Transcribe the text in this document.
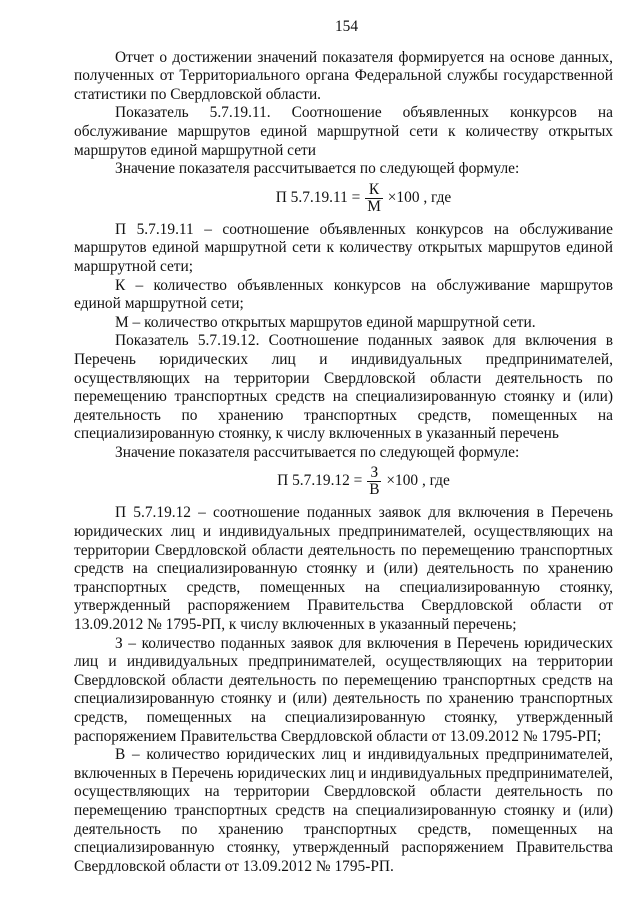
154

Отчет о достижении значений показателя формируется на основе данных, полученных от Территориального органа Федеральной службы государственной статистики по Свердловской области.

Показатель 5.7.19.11. Соотношение объявленных конкурсов на обслуживание маршрутов единой маршрутной сети к количеству открытых маршрутов единой маршрутной сети

Значение показателя рассчитывается по следующей формуле:

П $5.7.19.11 = \frac{К}{М} \times 100$ , где

П 5.7.19.11 – соотношение объявленных конкурсов на обслуживание маршрутов единой маршрутной сети к количеству открытых маршрутов единой маршрутной сети;

К – количество объявленных конкурсов на обслуживание маршрутов единой маршрутной сети;

М – количество открытых маршрутов единой маршрутной сети.

Показатель 5.7.19.12. Соотношение поданных заявок для включения в Перечень юридических лиц и индивидуальных предпринимателей, осуществляющих на территории Свердловской области деятельность по перемещению транспортных средств на специализированную стоянку и (или) деятельность по хранению транспортных средств, помещенных на специализированную стоянку, к числу включенных в указанный перечень

Значение показателя рассчитывается по следующей формуле:

П $5.7.19.12 = \frac{З}{В} \times 100$ , где

П 5.7.19.12 – соотношение поданных заявок для включения в Перечень юридических лиц и индивидуальных предпринимателей, осуществляющих на территории Свердловской области деятельность по перемещению транспортных средств на специализированную стоянку и (или) деятельность по хранению транспортных средств, помещенных на специализированную стоянку, утвержденный распоряжением Правительства Свердловской области от 13.09.2012 № 1795-РП, к числу включенных в указанный перечень;

З – количество поданных заявок для включения в Перечень юридических лиц и индивидуальных предпринимателей, осуществляющих на территории Свердловской области деятельность по перемещению транспортных средств на специализированную стоянку и (или) деятельность по хранению транспортных средств, помещенных на специализированную стоянку, утвержденный распоряжением Правительства Свердловской области от 13.09.2012 № 1795-РП;

В – количество юридических лиц и индивидуальных предпринимателей, включенных в Перечень юридических лиц и индивидуальных предпринимателей, осуществляющих на территории Свердловской области деятельность по перемещению транспортных средств на специализированную стоянку и (или) деятельность по хранению транспортных средств, помещенных на специализированную стоянку, утвержденный распоряжением Правительства Свердловской области от 13.09.2012 № 1795-РП.
